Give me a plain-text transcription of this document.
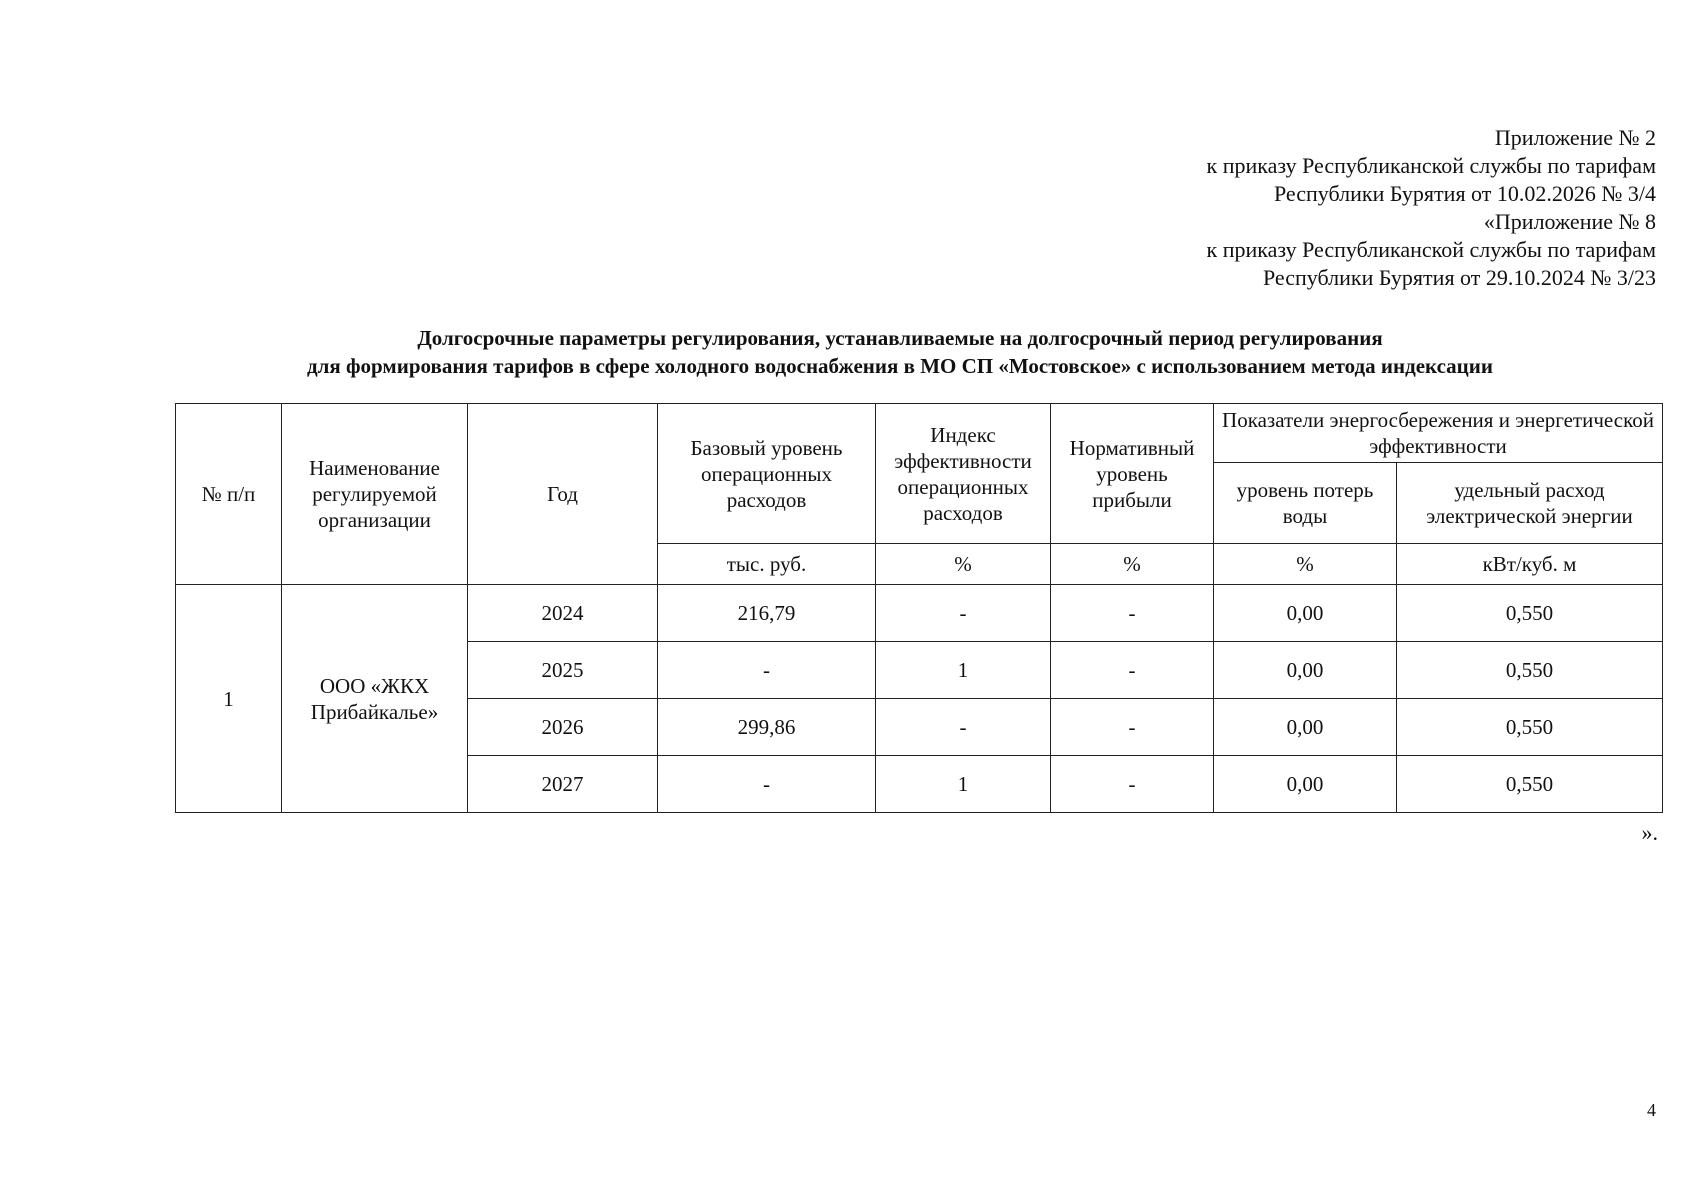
Приложение № 2
к приказу Республиканской службы по тарифам
Республики Бурятия от 10.02.2026 № 3/4
«Приложение № 8
к приказу Республиканской службы по тарифам
Республики Бурятия от 29.10.2024 № 3/23
Долгосрочные параметры регулирования, устанавливаемые на долгосрочный период регулирования
для формирования тарифов в сфере холодного водоснабжения в МО СП «Мостовское» с использованием метода индексации
№ п/п	Наименование регулируемой организации	Год	Базовый уровень операционных расходов	Индекс эффективности операционных расходов	Нормативный уровень прибыли	Показатели энергосбережения и энергетической эффективности	
						уровень потерь воды	удельный расход электрической энергии
			тыс. руб.	%	%	%	кВт/куб. м
1	ООО «ЖКХ Прибайкалье»	2024	216,79	-	-	0,00	0,550
		2025	-	1	-	0,00	0,550
		2026	299,86	-	-	0,00	0,550
		2027	-	1	-	0,00	0,550
».
4
